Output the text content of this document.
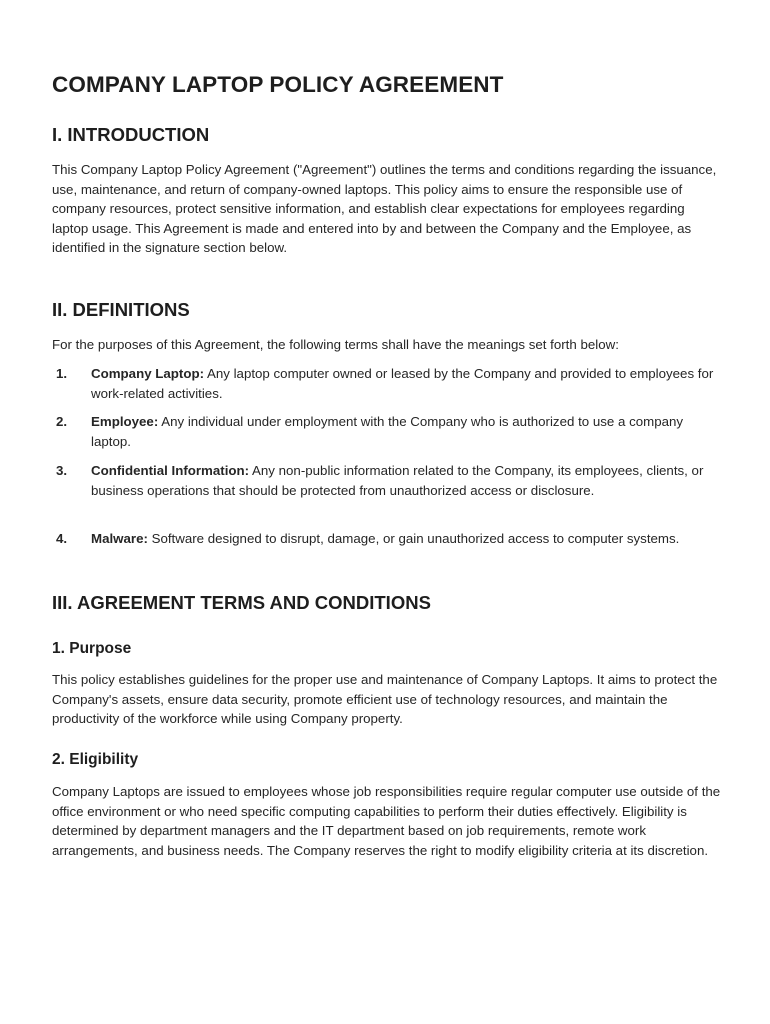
COMPANY LAPTOP POLICY AGREEMENT
I. INTRODUCTION

This Company Laptop Policy Agreement ("Agreement") outlines the terms and conditions regarding the issuance, use, maintenance, and return of company-owned laptops. This policy aims to ensure the responsible use of company resources, protect sensitive information, and establish clear expectations for employees regarding laptop usage. This Agreement is made and entered into by and between the Company and the Employee, as identified in the signature section below.

II. DEFINITIONS

For the purposes of this Agreement, the following terms shall have the meanings set forth below:

1. Company Laptop: Any laptop computer owned or leased by the Company and provided to employees for work-related activities.
2. Employee: Any individual under employment with the Company who is authorized to use a company laptop.
3. Confidential Information: Any non-public information related to the Company, its employees, clients, or business operations that should be protected from unauthorized access or disclosure.
4. Malware: Software designed to disrupt, damage, or gain unauthorized access to computer systems.
III. AGREEMENT TERMS AND CONDITIONS
1. Purpose

This policy establishes guidelines for the proper use and maintenance of Company Laptops. It aims to protect the Company's assets, ensure data security, promote efficient use of technology resources, and maintain the productivity of the workforce while using Company property.

2. Eligibility

Company Laptops are issued to employees whose job responsibilities require regular computer use outside of the office environment or who need specific computing capabilities to perform their duties effectively. Eligibility is determined by department managers and the IT department based on job requirements, remote work arrangements, and business needs. The Company reserves the right to modify eligibility criteria at its discretion.
